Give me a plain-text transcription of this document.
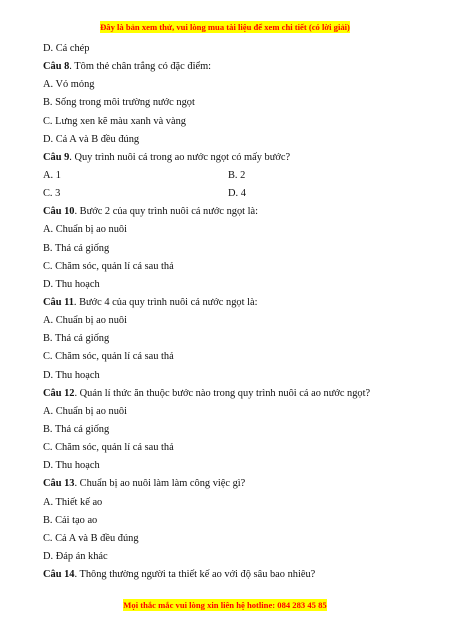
Đây là bản xem thử, vui lòng mua tài liệu để xem chi tiết (có lời giải)
D. Cá chép
Câu 8. Tôm thẻ chân trắng có đặc điểm:
A. Vỏ mỏng
B. Sống trong môi trường nước ngọt
C. Lưng xen kẽ màu xanh và vàng
D. Cả A và B đều đúng
Câu 9. Quy trình nuôi cá trong ao nước ngọt có mấy bước?
A. 1	B. 2
C. 3	D. 4
Câu 10. Bước 2 của quy trình nuôi cá nước ngọt là:
A. Chuẩn bị ao nuôi
B. Thả cá giống
C. Chăm sóc, quản lí cá sau thả
D. Thu hoạch
Câu 11. Bước 4 của quy trình nuôi cá nước ngọt là:
A. Chuẩn bị ao nuôi
B. Thả cá giống
C. Chăm sóc, quản lí cá sau thả
D. Thu hoạch
Câu 12. Quản lí thức ăn thuộc bước nào trong quy trình nuôi cá ao nước ngọt?
A. Chuẩn bị ao nuôi
B. Thả cá giống
C. Chăm sóc, quản lí cá sau thả
D. Thu hoạch
Câu 13. Chuẩn bị ao nuôi làm làm công việc gì?
A. Thiết kế ao
B. Cải tạo ao
C. Cả A và B đều đúng
D. Đáp án khác
Câu 14. Thông thường người ta thiết kế ao với độ sâu bao nhiêu?
Mọi thắc mắc vui lòng xin liên hệ hotline: 084 283 45 85
